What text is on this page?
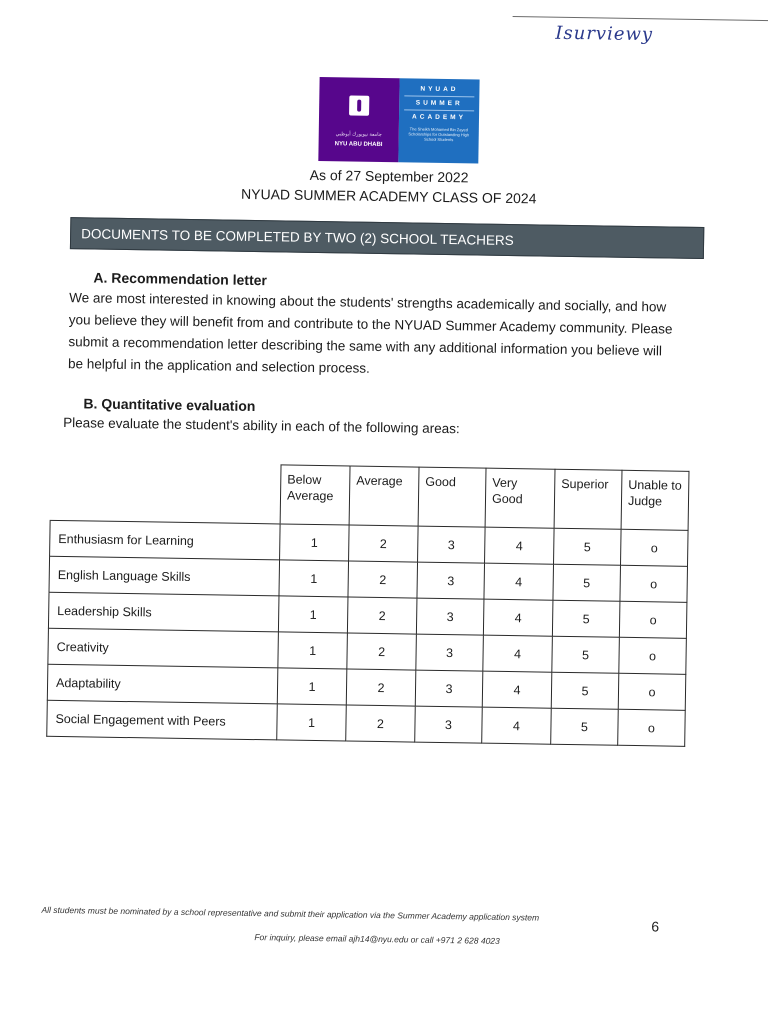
Isurviewy
جامعة نيويورك أبوظبي
NYU ABU DHABI
NYUAD
SUMMER
ACADEMY
The Sheikh Mohamed Bin Zayed Scholarships for Outstanding High School Students
As of 27 September 2022
NYUAD SUMMER ACADEMY CLASS OF 2024
DOCUMENTS TO BE COMPLETED BY TWO (2) SCHOOL TEACHERS
A. Recommendation letter
We are most interested in knowing about the students' strengths academically and socially, and how you believe they will benefit from and contribute to the NYUAD Summer Academy community. Please submit a recommendation letter describing the same with any additional information you believe will be helpful in the application and selection process.
B. Quantitative evaluation
Please evaluate the student's ability in each of the following areas:
	Below Average	Average	Good	Very Good	Superior	Unable to Judge
Enthusiasm for Learning	1	2	3	4	5	o
English Language Skills	1	2	3	4	5	o
Leadership Skills	1	2	3	4	5	o
Creativity	1	2	3	4	5	o
Adaptability	1	2	3	4	5	o
Social Engagement with Peers	1	2	3	4	5	o
All students must be nominated by a school representative and submit their application via the Summer Academy application system
6
For inquiry, please email ajh14@nyu.edu or call +971 2 628 4023
